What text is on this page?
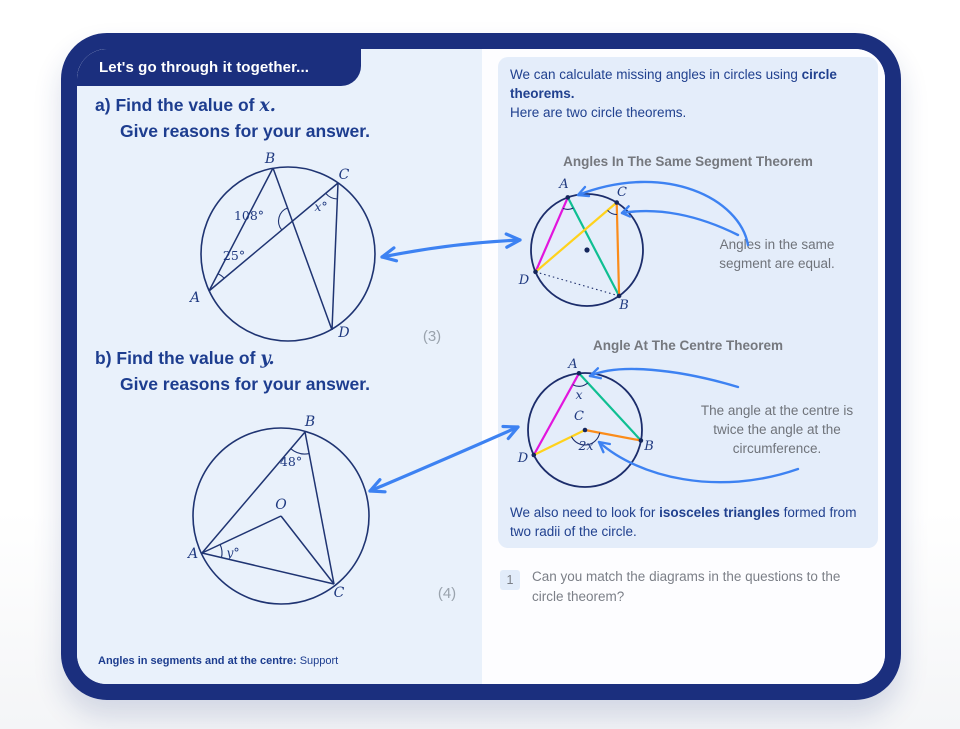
a) Find the value of x.
Give reasons for your answer.
B
C
A
D
108°
25°
x°
(3)
b) Find the value of y.
Give reasons for your answer.
B
A
C
O
48°
y°
(4)
Angles in segments and at the centre: Support
We can calculate missing angles in circles using circle theorems.
Here are two circle theorems.
Angles In The Same Segment Theorem
A
C
D
B
Angles in the same
segment are equal.
Angle At The Centre Theorem
A
D
B
C
x
2x
The angle at the centre is
twice the angle at the
circumference.
We also need to look for isosceles triangles formed from two radii of the circle.
1	Can you match the diagrams in the questions to the circle theorem?
Let's go through it together...
